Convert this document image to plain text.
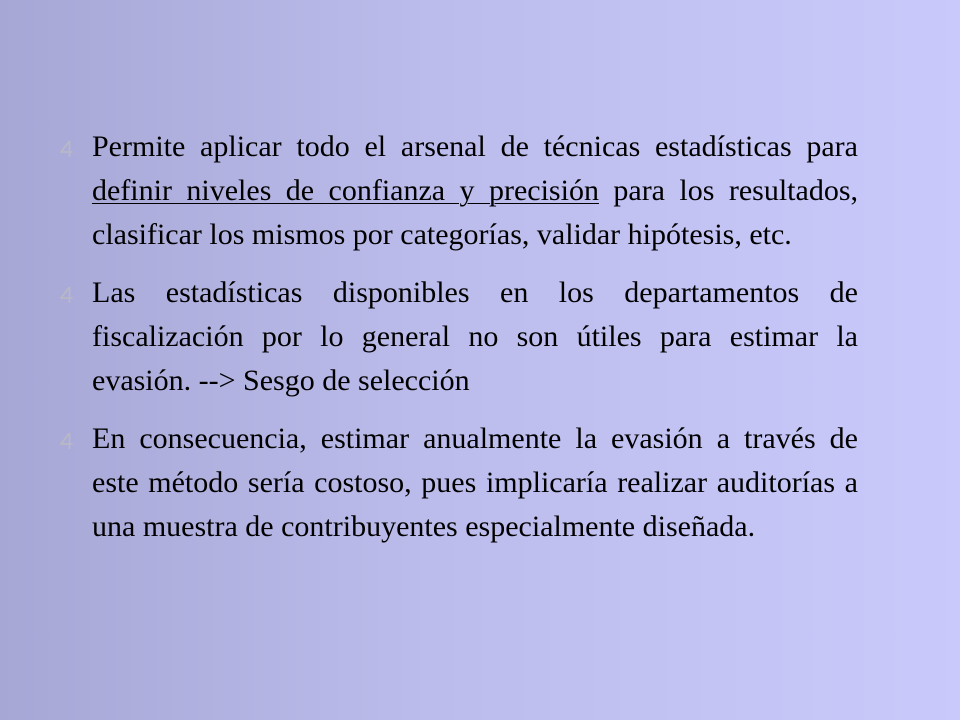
Permite aplicar todo el arsenal de técnicas estadísticas para definir niveles de confianza y precisión para los resultados, clasificar los mismos por categorías, validar hipótesis, etc.
Las estadísticas disponibles en los departamentos de fiscalización por lo general no son útiles para estimar la evasión. --> Sesgo de selección
En consecuencia, estimar anualmente la evasión a través de este método sería costoso, pues implicaría realizar auditorías a una muestra de contribuyentes especialmente diseñada.
